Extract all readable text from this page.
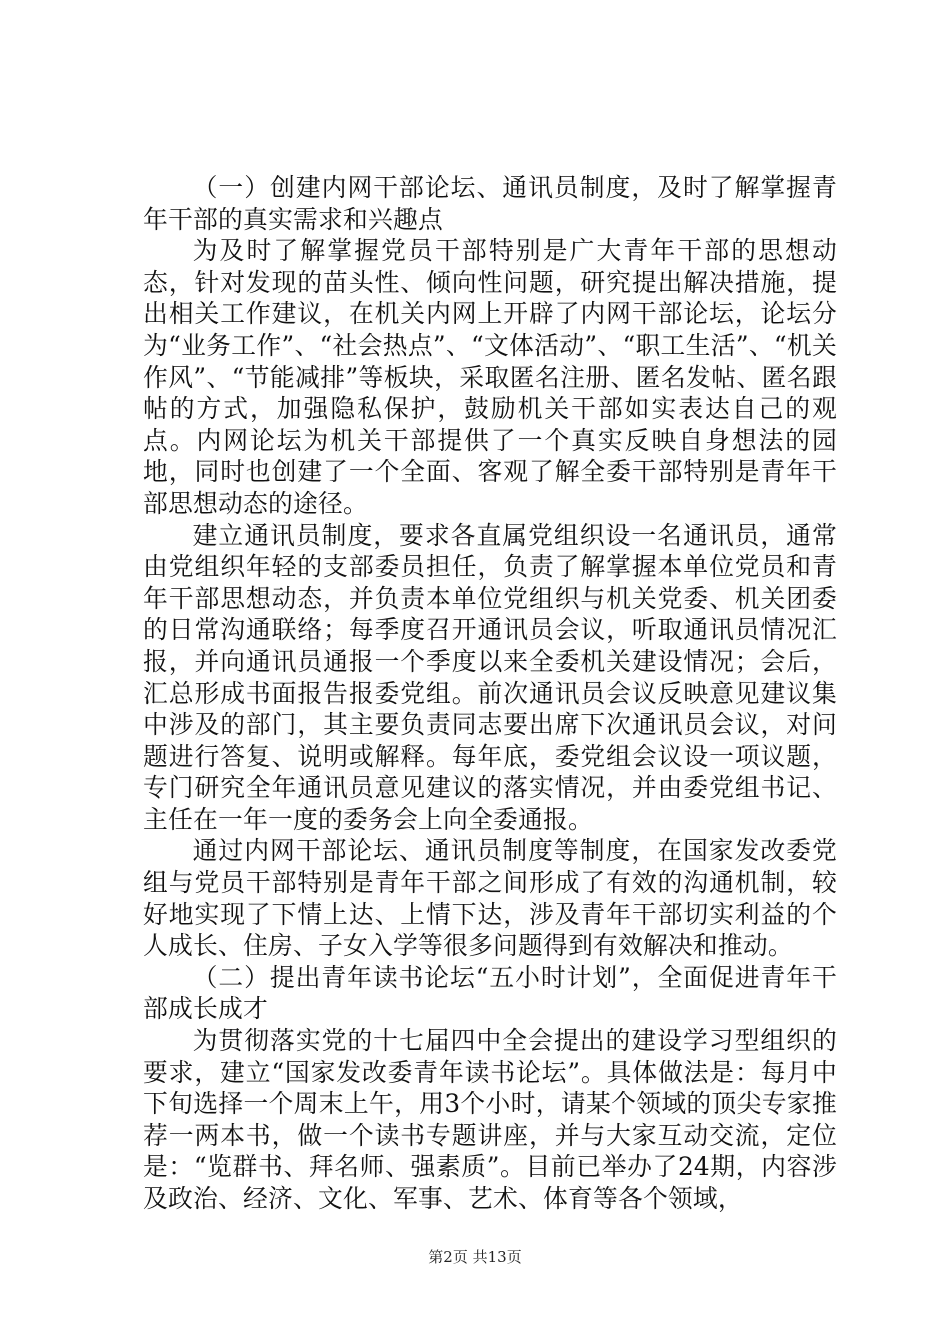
（一）创建内网干部论坛、通讯员制度，及时了解掌握青年干部的真实需求和兴趣点

为及时了解掌握党员干部特别是广大青年干部的思想动态，针对发现的苗头性、倾向性问题，研究提出解决措施，提出相关工作建议，在机关内网上开辟了内网干部论坛，论坛分为“业务工作”、“社会热点”、“文体活动”、“职工生活”、“机关作风”、“节能减排”等板块，采取匿名注册、匿名发帖、匿名跟帖的方式，加强隐私保护，鼓励机关干部如实表达自己的观点。内网论坛为机关干部提供了一个真实反映自身想法的园地，同时也创建了一个全面、客观了解全委干部特别是青年干部思想动态的途径。

建立通讯员制度，要求各直属党组织设一名通讯员，通常由党组织年轻的支部委员担任，负责了解掌握本单位党员和青年干部思想动态，并负责本单位党组织与机关党委、机关团委的日常沟通联络；每季度召开通讯员会议，听取通讯员情况汇报，并向通讯员通报一个季度以来全委机关建设情况；会后，汇总形成书面报告报委党组。前次通讯员会议反映意见建议集中涉及的部门，其主要负责同志要出席下次通讯员会议，对问题进行答复、说明或解释。每年底，委党组会议设一项议题，专门研究全年通讯员意见建议的落实情况，并由委党组书记、主任在一年一度的委务会上向全委通报。

通过内网干部论坛、通讯员制度等制度，在国家发改委党组与党员干部特别是青年干部之间形成了有效的沟通机制，较好地实现了下情上达、上情下达，涉及青年干部切实利益的个人成长、住房、子女入学等很多问题得到有效解决和推动。

（二）提出青年读书论坛“五小时计划”，全面促进青年干部成长成才

为贯彻落实党的十七届四中全会提出的建设学习型组织的要求，建立“国家发改委青年读书论坛”。具体做法是：每月中下旬选择一个周末上午，用3个小时，请某个领域的顶尖专家推荐一两本书，做一个读书专题讲座，并与大家互动交流，定位是：“览群书、拜名师、强素质”。目前已举办了24期，内容涉及政治、经济、文化、军事、艺术、体育等各个领域，

第2页 共13页
